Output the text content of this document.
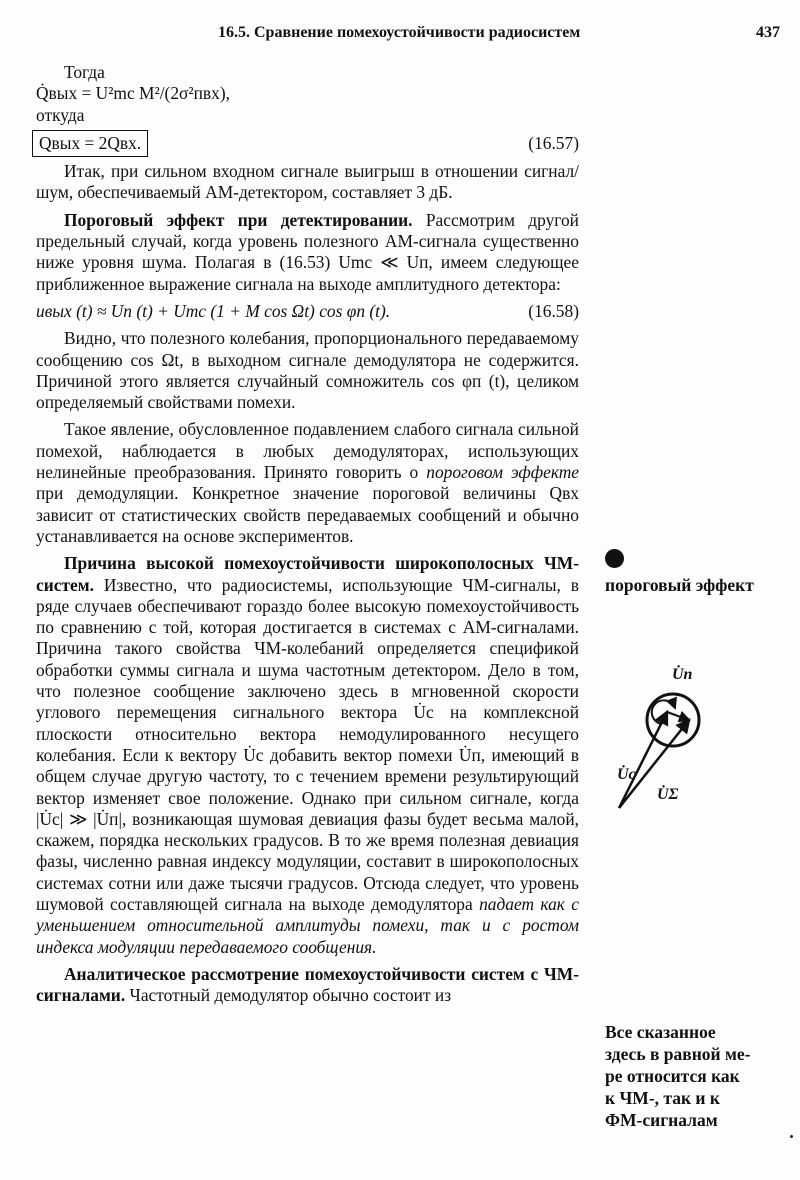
16.5. Сравнение помехоустойчивости радиосистем	437

Тогда

Q̇вых = U²mc M²/(2σ²пвх),

откуда

Qвых = 2Qвх.	(16.57)

Итак, при сильном входном сигнале выигрыш в отношении сигнал/шум, обеспечиваемый АМ-детектором, составляет 3 дБ.

Пороговый эффект при детектировании. Рассмотрим другой предельный случай, когда уровень полезного АМ-сигнала существенно ниже уровня шума. Полагая в (16.53) Umc ≪ Uп, имеем следующее приближенное выражение сигнала на выходе амплитудного детектора:

uвых (t) ≈ Uп (t) + Umc (1 + M cos Ωt) cos φп (t).	(16.58)

Видно, что полезного колебания, пропорционального передаваемому сообщению cos Ωt, в выходном сигнале демодулятора не содержится. Причиной этого является случайный сомножитель cos φп (t), целиком определяемый свойствами помехи.

Такое явление, обусловленное подавлением слабого сигнала сильной помехой, наблюдается в любых демодуляторах, использующих нелинейные преобразования. Принято говорить о пороговом эффекте при демодуляции. Конкретное значение пороговой величины Qвх зависит от статистических свойств передаваемых сообщений и обычно устанавливается на основе экспериментов.

Причина высокой помехоустойчивости широкополосных ЧМ-систем. Известно, что радиосистемы, использующие ЧМ-сигналы, в ряде случаев обеспечивают гораздо более высокую помехоустойчивость по сравнению с той, которая достигается в системах с АМ-сигналами. Причина такого свойства ЧМ-колебаний определяется спецификой обработки суммы сигнала и шума частотным детектором. Дело в том, что полезное сообщение заключено здесь в мгновенной скорости углового перемещения сигнального вектора U̇с на комплексной плоскости относительно вектора немодулированного несущего колебания. Если к вектору U̇с добавить вектор помехи U̇п, имеющий в общем случае другую частоту, то с течением времени результирующий вектор изменяет свое положение. Однако при сильном сигнале, когда |U̇с| ≫ |U̇п|, возникающая шумовая девиация фазы будет весьма малой, скажем, порядка нескольких градусов. В то же время полезная девиация фазы, численно равная индексу модуляции, составит в широкополосных системах сотни или даже тысячи градусов. Отсюда следует, что уровень шумовой составляющей сигнала на выходе демодулятора падает как с уменьшением относительной амплитуды помехи, так и с ростом индекса модуляции передаваемого сообщения.

Аналитическое рассмотрение помехоустойчивости систем с ЧМ-сигналами. Частотный демодулятор обычно состоит из

пороговый эффект
U̇п
U̇с
U̇Σ
Все сказанное
здесь в равной ме-
ре относится как
к ЧМ-, так и к
ФМ-сигналам
